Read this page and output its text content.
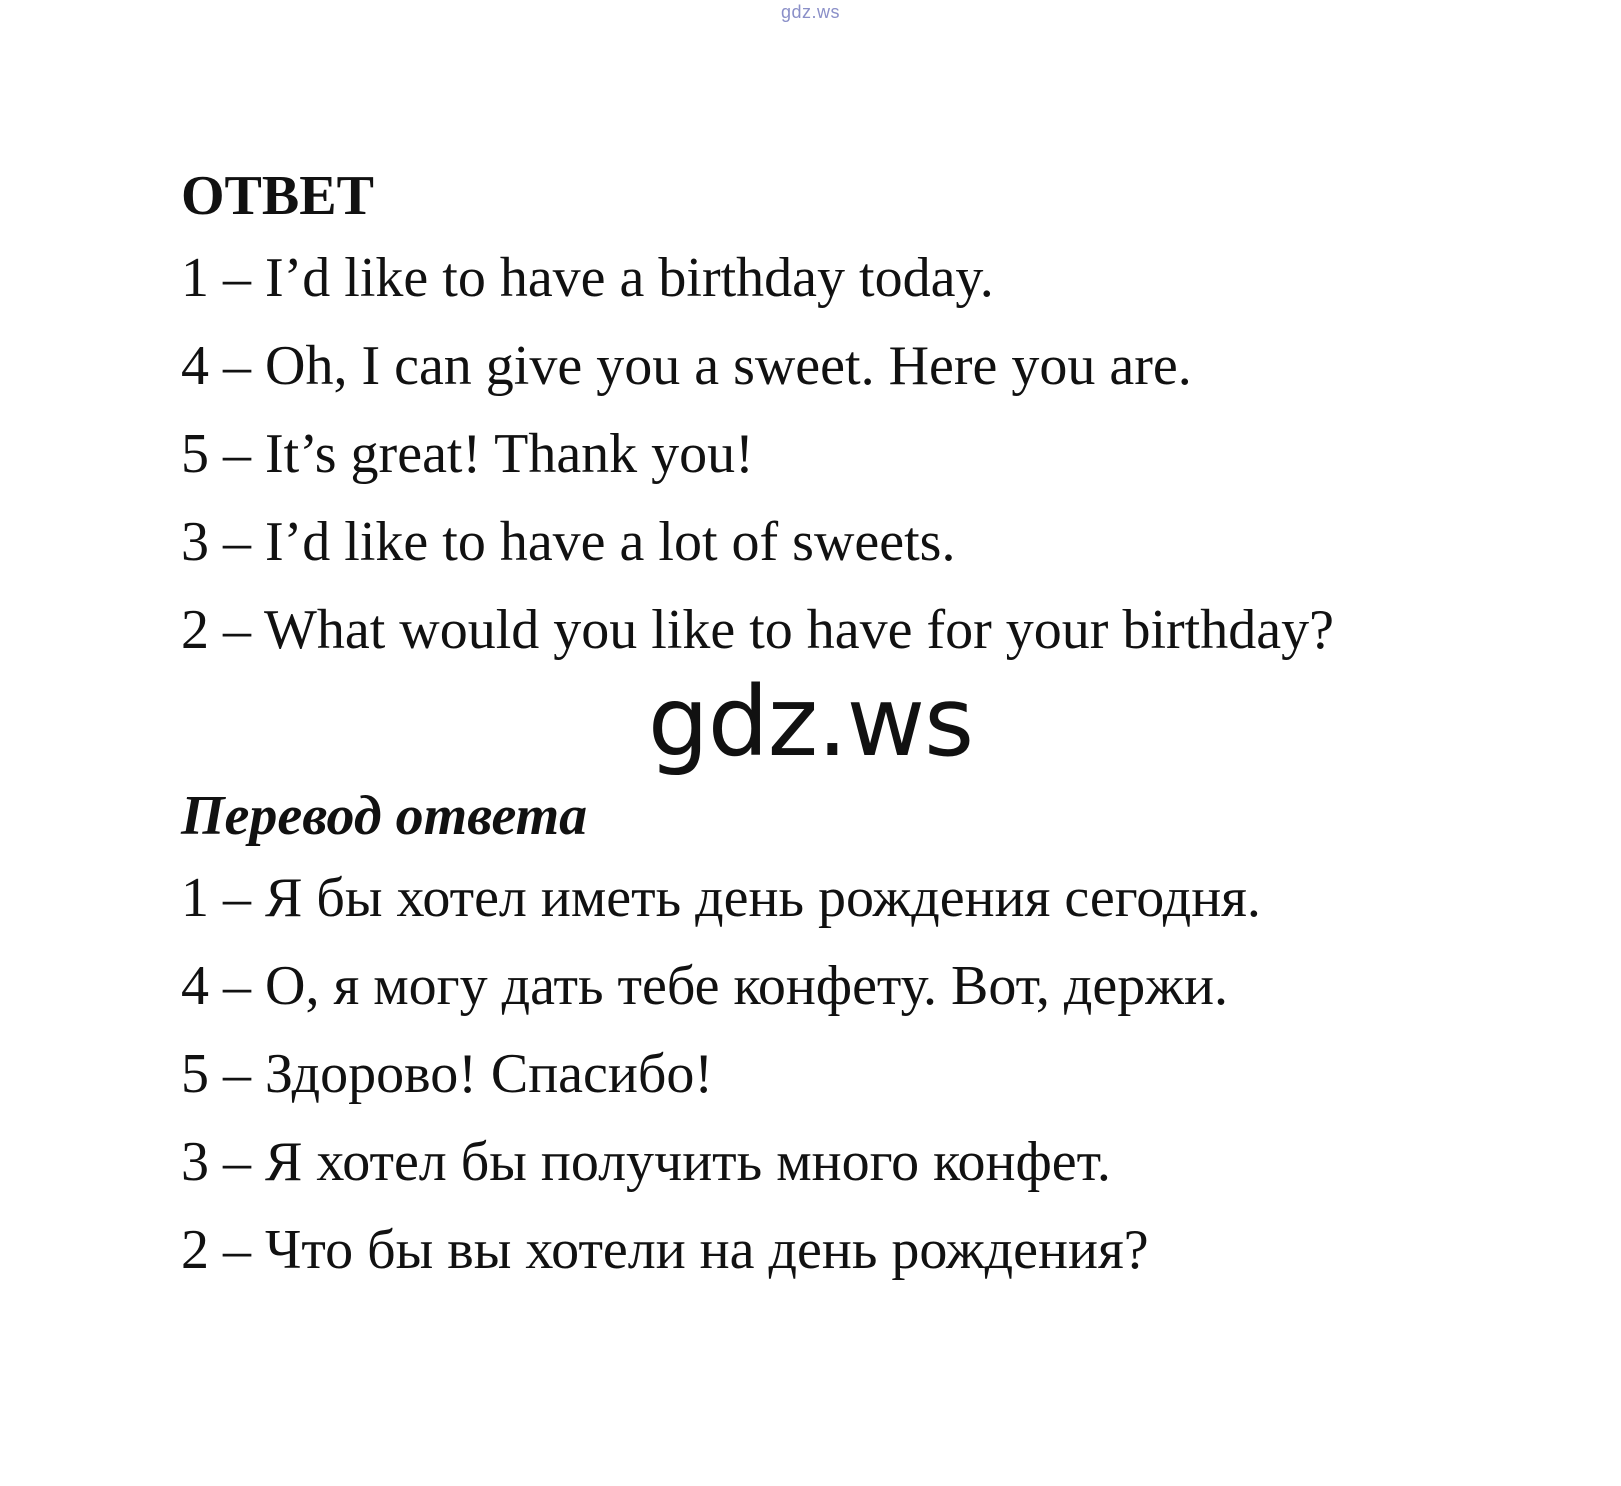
gdz.ws

ОТВЕТ

1 – I’d like to have a birthday today.

4 – Oh, I can give you a sweet. Here you are.

5 – It’s great! Thank you!

3 – I’d like to have a lot of sweets.

2 – What would you like to have for your birthday?

gdz.ws

Перевод ответа

1 – Я бы хотел иметь день рождения сегодня.

4 – О, я могу дать тебе конфету. Вот, держи.

5 – Здорово! Спасибо!

3 – Я хотел бы получить много конфет.

2 – Что бы вы хотели на день рождения?
